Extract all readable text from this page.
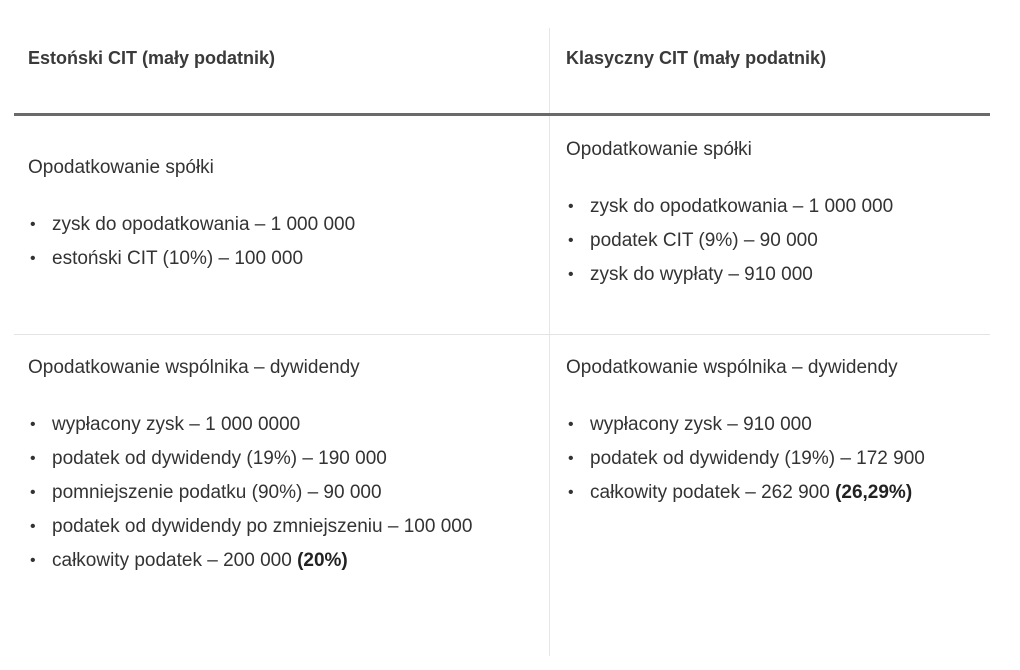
Estoński CIT (mały podatnik)	Klasyczny CIT (mały podatnik)

Opodatkowanie spółki

• zysk do opodatkowania – 1 000 000
• estoński CIT (10%) – 100 000

Opodatkowanie spółki

• zysk do opodatkowania – 1 000 000
• podatek CIT (9%) – 90 000
• zysk do wypłaty – 910 000

Opodatkowanie wspólnika – dywidendy

• wypłacony zysk – 1 000 0000
• podatek od dywidendy (19%) – 190 000
• pomniejszenie podatku (90%) – 90 000
• podatek od dywidendy po zmniejszeniu – 100 000
• całkowity podatek – 200 000 (20%)

Opodatkowanie wspólnika – dywidendy

• wypłacony zysk – 910 000
• podatek od dywidendy (19%) – 172 900
• całkowity podatek – 262 900 (26,29%)
